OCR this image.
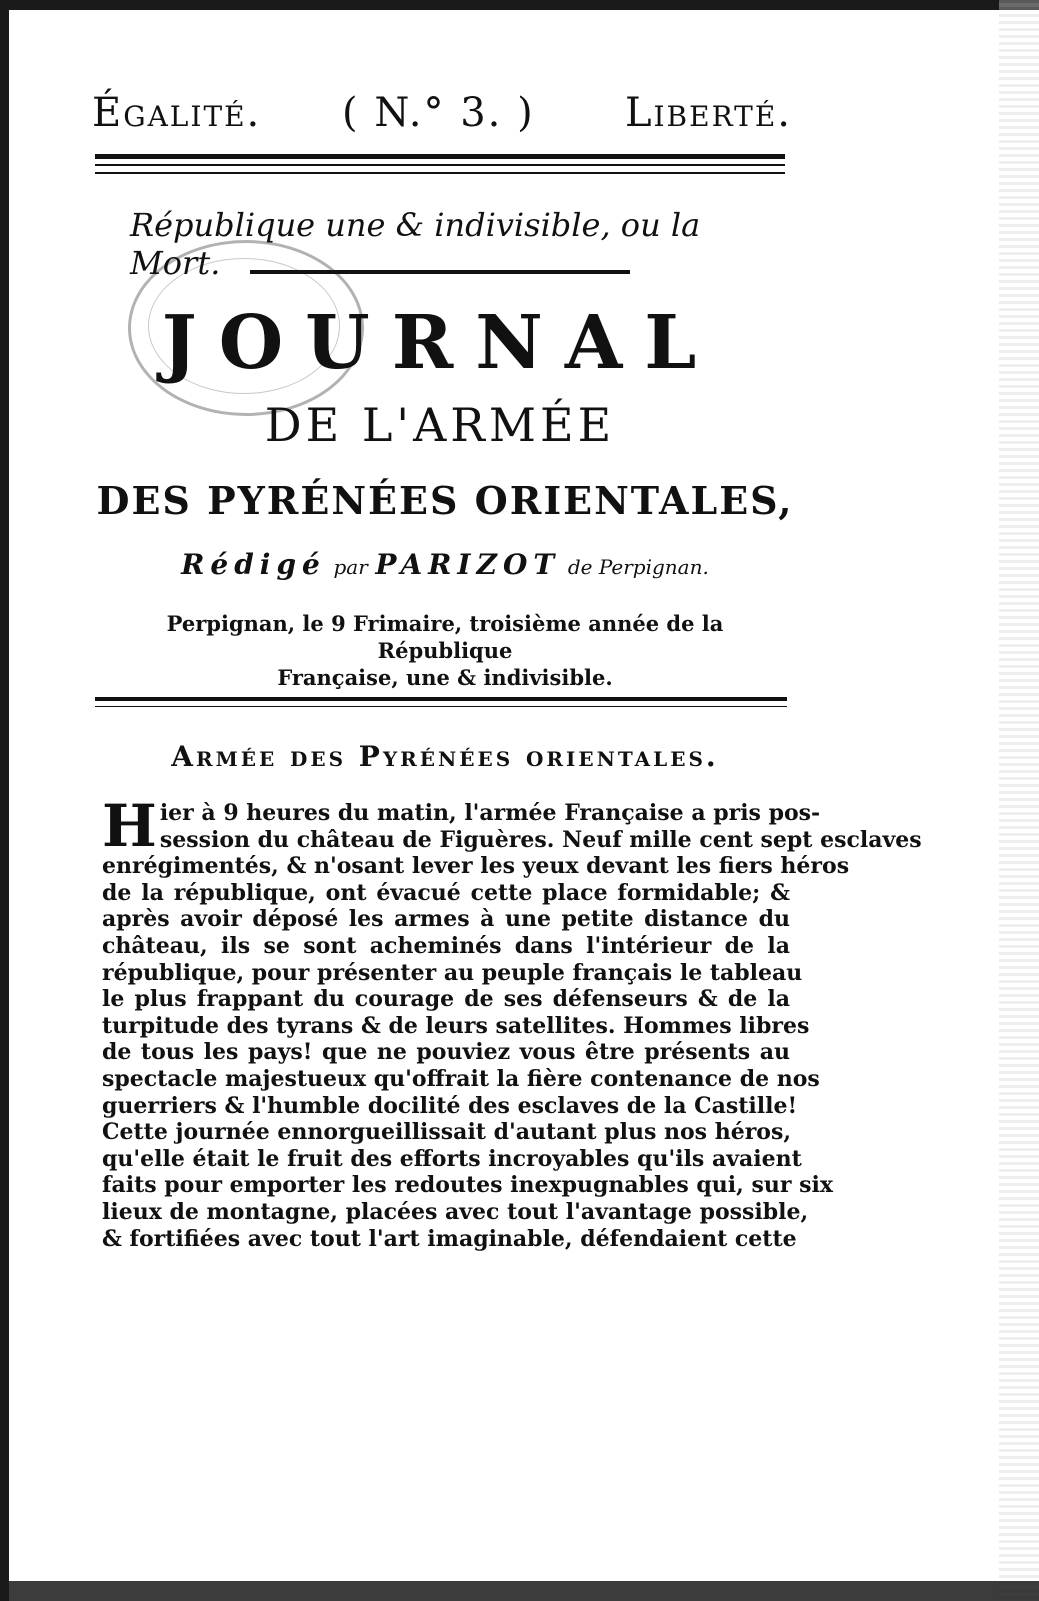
Égalité. ( N.° 3. ) Liberté.
République une & indivisible, ou la Mort.
JOURNAL
DE L'ARMÉE
DES PYRÉNÉES ORIENTALES,
Rédigé par PARIZOT de Perpignan.
Perpignan, le 9 Frimaire, troisième année de la République
Française, une & indivisible.
Armée des Pyrénées orientales.
H ier à 9 heures du matin, l'armée Française a pris pos-
session du château de Figuères. Neuf mille cent sept esclaves
enrégimentés, & n'osant lever les yeux devant les fiers héros
de la république, ont évacué cette place formidable; &
après avoir déposé les armes à une petite distance du
château, ils se sont acheminés dans l'intérieur de la
république, pour présenter au peuple français le tableau
le plus frappant du courage de ses défenseurs & de la
turpitude des tyrans & de leurs satellites. Hommes libres
de tous les pays! que ne pouviez vous être présents au
spectacle majestueux qu'offrait la fière contenance de nos
guerriers & l'humble docilité des esclaves de la Castille!
Cette journée ennorgueillissait d'autant plus nos héros,
qu'elle était le fruit des efforts incroyables qu'ils avaient
faits pour emporter les redoutes inexpugnables qui, sur six
lieux de montagne, placées avec tout l'avantage possible,
& fortifiées avec tout l'art imaginable, défendaient cette
